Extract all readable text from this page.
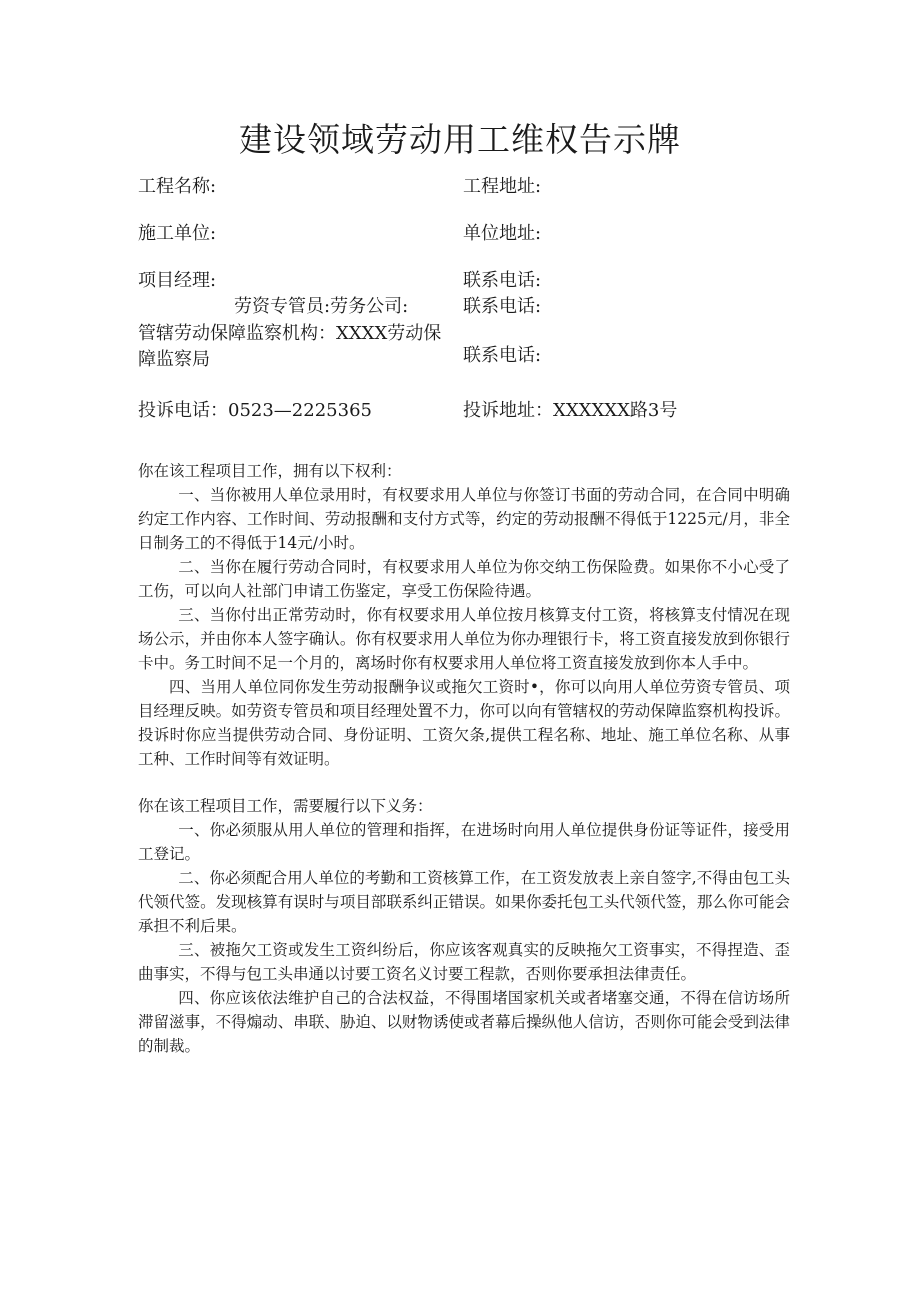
建设领域劳动用工维权告示牌
工程名称:	工程地址:
施工单位:	单位地址:
项目经理:	联系电话:
劳资专管员:劳务公司:	联系电话:
管辖劳动保障监察机构：XXXX劳动保障监察局	联系电话:
投诉电话：0523—2225365	投诉地址：XXXXXX路3号

你在该工程项目工作，拥有以下权利：

一、当你被用人单位录用时，有权要求用人单位与你签订书面的劳动合同，在合同中明确约定工作内容、工作时间、劳动报酬和支付方式等，约定的劳动报酬不得低于1225元/月，非全日制务工的不得低于14元/小时。

二、当你在履行劳动合同时，有权要求用人单位为你交纳工伤保险费。如果你不小心受了工伤，可以向人社部门申请工伤鉴定，享受工伤保险待遇。

三、当你付出正常劳动时，你有权要求用人单位按月核算支付工资，将核算支付情况在现场公示，并由你本人签字确认。你有权要求用人单位为你办理银行卡，将工资直接发放到你银行卡中。务工时间不足一个月的，离场时你有权要求用人单位将工资直接发放到你本人手中。

四、当用人单位同你发生劳动报酬争议或拖欠工资时•，你可以向用人单位劳资专管员、项目经理反映。如劳资专管员和项目经理处置不力，你可以向有管辖权的劳动保障监察机构投诉。投诉时你应当提供劳动合同、身份证明、工资欠条,提供工程名称、地址、施工单位名称、从事工种、工作时间等有效证明。

你在该工程项目工作，需要履行以下义务：

一、你必须服从用人单位的管理和指挥，在进场时向用人单位提供身份证等证件，接受用工登记。

二、你必须配合用人单位的考勤和工资核算工作，在工资发放表上亲自签字,不得由包工头代领代签。发现核算有误时与项目部联系纠正错误。如果你委托包工头代领代签，那么你可能会承担不利后果。

三、被拖欠工资或发生工资纠纷后，你应该客观真实的反映拖欠工资事实，不得捏造、歪曲事实，不得与包工头串通以讨要工资名义讨要工程款，否则你要承担法律责任。

四、你应该依法维护自己的合法权益，不得围堵国家机关或者堵塞交通，不得在信访场所滞留滋事，不得煽动、串联、胁迫、以财物诱使或者幕后操纵他人信访，否则你可能会受到法律的制裁。
